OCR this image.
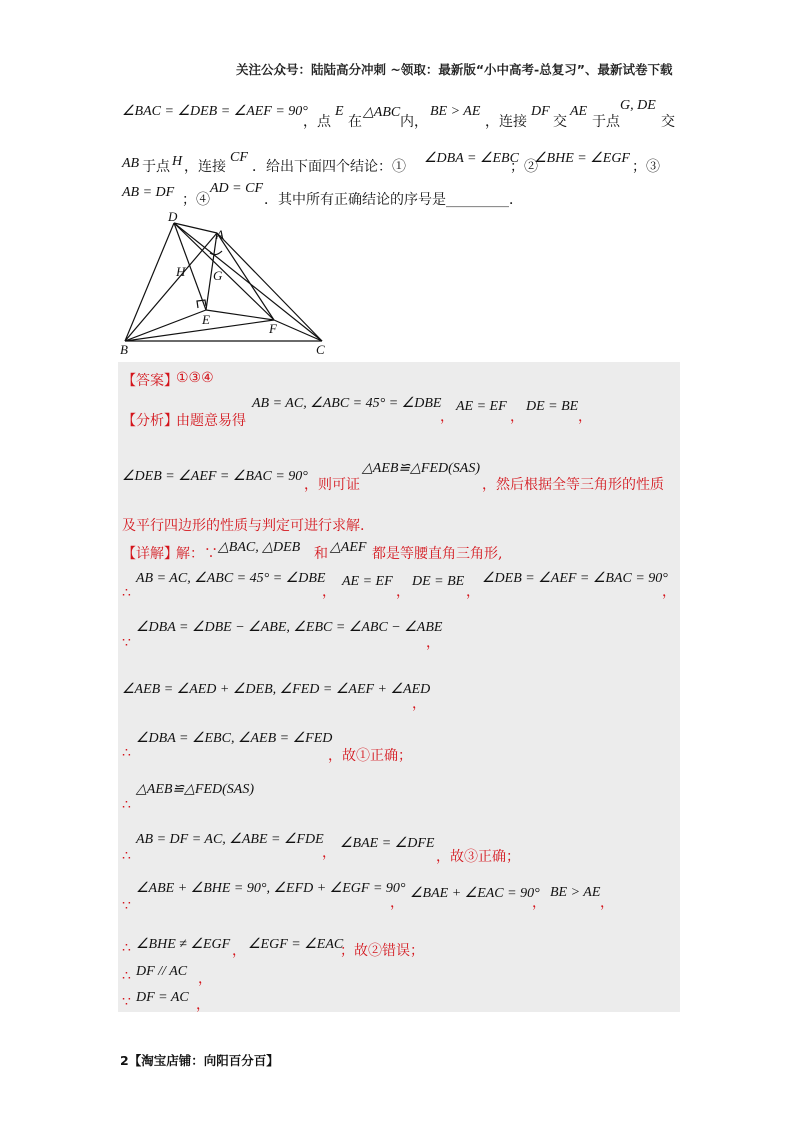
关注公众号：陆陆高分冲刺 ~领取：最新版“小中高考-总复习”、最新试卷下载
∠BAC = ∠DEB = ∠AEF = 90°
，点
E
在
△ABC
内，
BE > AE
，连接
DF
交
AE
于点
G, DE
交
AB 于点 H ，连接
CF
．给出下面四个结论：①
∠DBA = ∠EBC
；②
∠BHE = ∠EGF
；③
AB = DF ；④
AD = CF
．其中所有正确结论的序号是_________．
D
A
H G
E
F
B	C
【答案】
①③④
【分析】
由题意易得
AB = AC, ∠ABC = 45° = ∠DBE
，
AE = EF
，
DE = BE
，
∠DEB = ∠AEF = ∠BAC = 90°
，则可证
△AEB≌△FED(SAS)
，然后根据全等三角形的性质
及平行四边形的性质与判定可进行求解.
【详解】
解：∵ △BAC, △DEB 和 △AEF 都是等腰直角三角形,
∴
AB = AC, ∠ABC = 45° = ∠DBE
，
AE = EF
，
DE = BE
，
∠DEB = ∠AEF = ∠BAC = 90°
，
∵
∠DBA = ∠DBE − ∠ABE, ∠EBC = ∠ABC − ∠ABE
，
∠AEB = ∠AED + ∠DEB, ∠FED = ∠AEF + ∠AED
，
∴
∠DBA = ∠EBC, ∠AEB = ∠FED
，故①正确；
∴
△AEB≌△FED(SAS)
∴
AB = DF = AC, ∠ABE = ∠FDE
，
∠BAE = ∠DFE
，故③正确；
∵
∠ABE + ∠BHE = 90°, ∠EFD + ∠EGF = 90°
，
∠BAE + ∠EAC = 90°
，
BE > AE
，
∴ ∠BHE ≠ ∠EGF ， ∠EGF = ∠EAC
；故②错误；
∴ DF // AC ，
∵ DF = AC ，
2【淘宝店铺：向阳百分百】
